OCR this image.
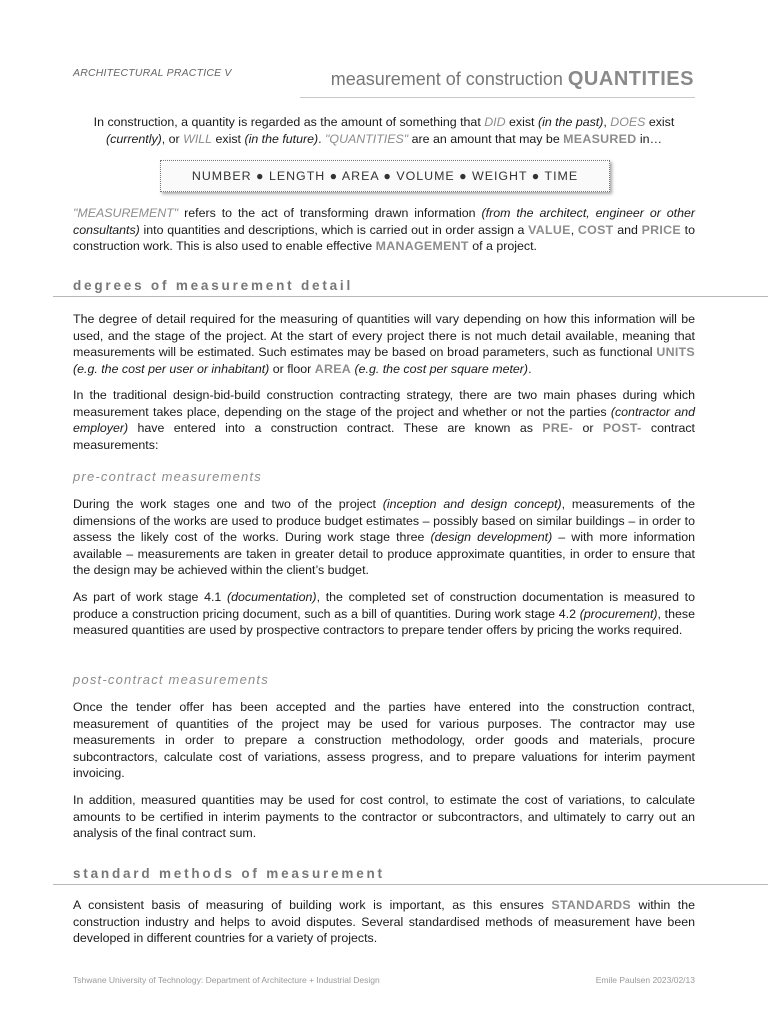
ARCHITECTURAL PRACTICE V	measurement of construction QUANTITIES

In construction, a quantity is regarded as the amount of something that DID exist (in the past), DOES exist
(currently), or WILL exist (in the future). "QUANTITIES" are an amount that may be MEASURED in…

NUMBER ● LENGTH ● AREA ● VOLUME ● WEIGHT ● TIME

"MEASUREMENT" refers to the act of transforming drawn information (from the architect, engineer or other consultants) into quantities and descriptions, which is carried out in order assign a VALUE, COST and PRICE to construction work. This is also used to enable effective MANAGEMENT of a project.

degrees of measurement detail

The degree of detail required for the measuring of quantities will vary depending on how this information will be used, and the stage of the project. At the start of every project there is not much detail available, meaning that measurements will be estimated. Such estimates may be based on broad parameters, such as functional UNITS (e.g. the cost per user or inhabitant) or floor AREA (e.g. the cost per square meter).

In the traditional design-bid-build construction contracting strategy, there are two main phases during which measurement takes place, depending on the stage of the project and whether or not the parties (contractor and employer) have entered into a construction contract. These are known as PRE- or POST- contract measurements:

pre-contract measurements

During the work stages one and two of the project (inception and design concept), measurements of the dimensions of the works are used to produce budget estimates – possibly based on similar buildings – in order to assess the likely cost of the works. During work stage three (design development) – with more information available – measurements are taken in greater detail to produce approximate quantities, in order to ensure that the design may be achieved within the client’s budget.

As part of work stage 4.1 (documentation), the completed set of construction documentation is measured to produce a construction pricing document, such as a bill of quantities. During work stage 4.2 (procurement), these measured quantities are used by prospective contractors to prepare tender offers by pricing the works required.

post-contract measurements

Once the tender offer has been accepted and the parties have entered into the construction contract, measurement of quantities of the project may be used for various purposes. The contractor may use measurements in order to prepare a construction methodology, order goods and materials, procure subcontractors, calculate cost of variations, assess progress, and to prepare valuations for interim payment invoicing.

In addition, measured quantities may be used for cost control, to estimate the cost of variations, to calculate amounts to be certified in interim payments to the contractor or subcontractors, and ultimately to carry out an analysis of the final contract sum.

standard methods of measurement

A consistent basis of measuring of building work is important, as this ensures STANDARDS within the construction industry and helps to avoid disputes. Several standardised methods of measurement have been developed in different countries for a variety of projects.

Tshwane University of Technology: Department of Architecture + Industrial Design	Emile Paulsen 2023/02/13
